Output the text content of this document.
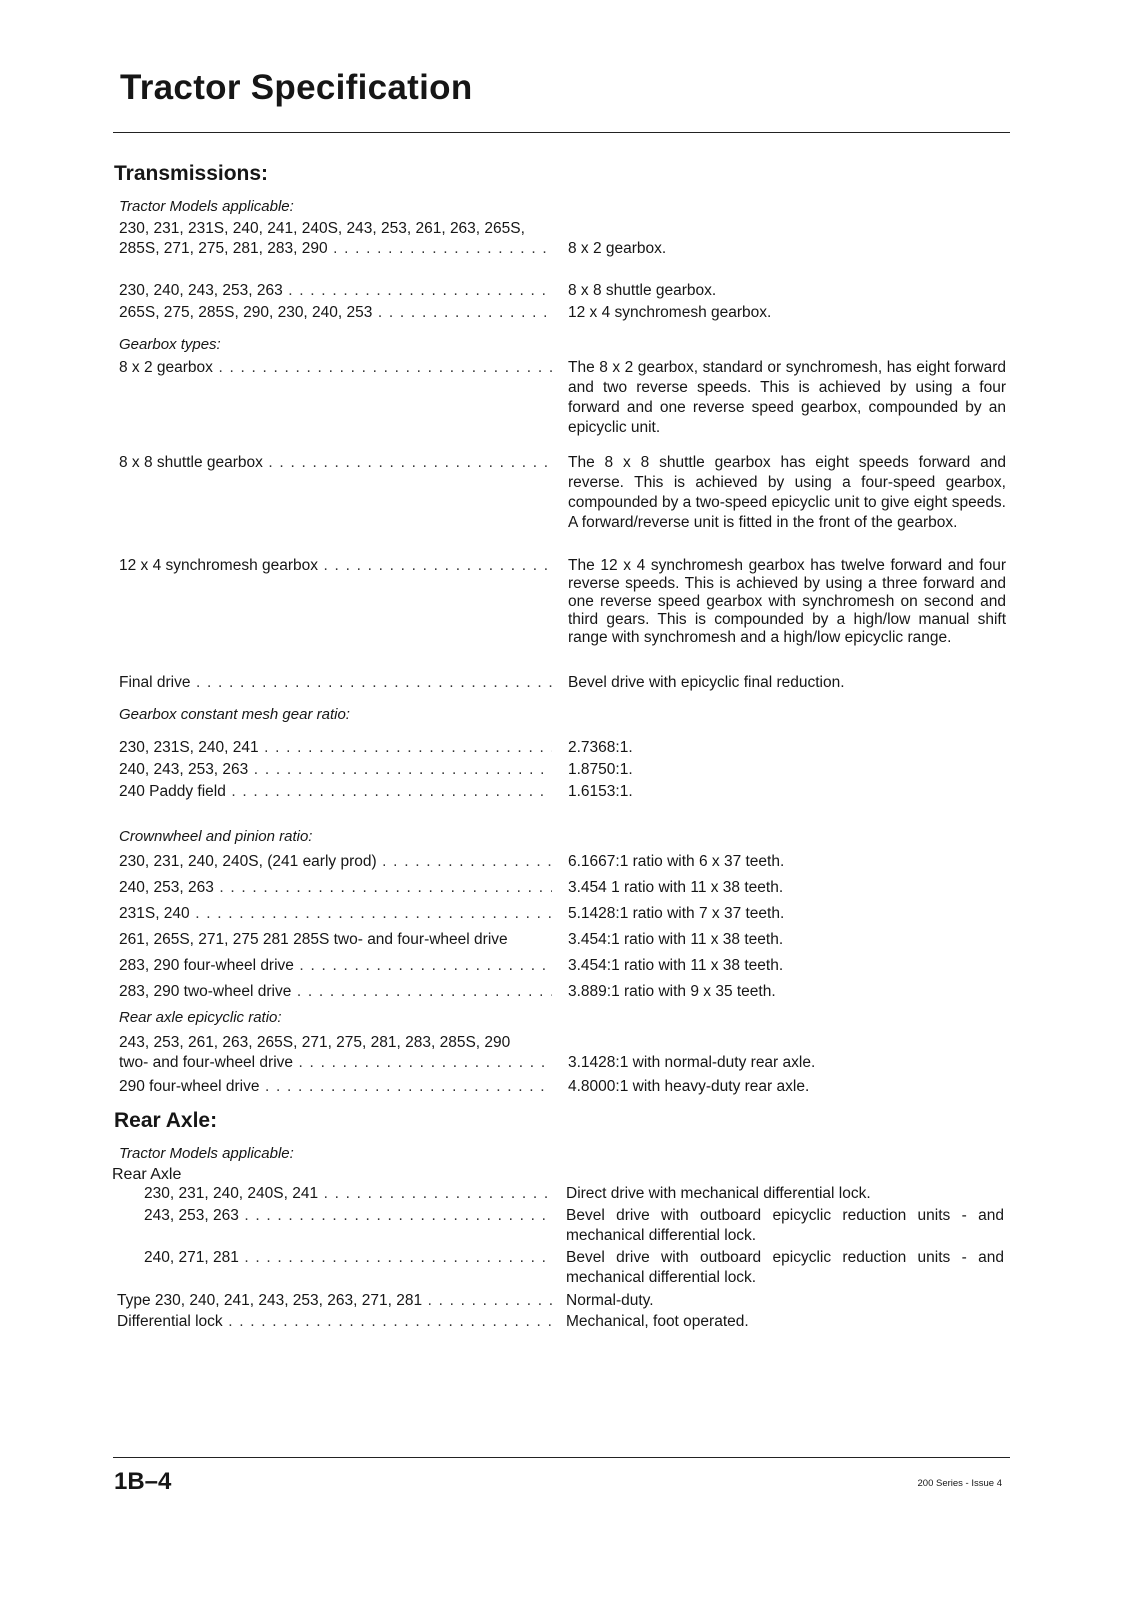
Tractor Specification
Transmissions:
Tractor Models applicable:
230, 231, 231S, 240, 241, 240S, 243, 253, 261, 263, 265S,
285S, 271, 275, 281, 283, 290 . . .	8 x 2 gearbox.
230, 240, 243, 253, 263 . . .	8 x 8 shuttle gearbox.
265S, 275, 285S, 290, 230, 240, 253 . . .	12 x 4 synchromesh gearbox.
Gearbox types:
8 x 2 gearbox . . .	The 8 x 2 gearbox, standard or synchromesh, has eight forward and two reverse speeds. This is achieved by using a four forward and one reverse speed gearbox, compounded by an epicyclic unit.
8 x 8 shuttle gearbox . . .	The 8 x 8 shuttle gearbox has eight speeds forward and reverse. This is achieved by using a four-speed gearbox, compounded by a two-speed epicyclic unit to give eight speeds. A forward/reverse unit is fitted in the front of the gearbox.
12 x 4 synchromesh gearbox . . .	The 12 x 4 synchromesh gearbox has twelve forward and four reverse speeds. This is achieved by using a three forward and one reverse speed gearbox with synchromesh on second and third gears. This is compounded by a high/low manual shift range with synchromesh and a high/low epicyclic range.
Final drive . . .	Bevel drive with epicyclic final reduction.
Gearbox constant mesh gear ratio:
230, 231S, 240, 241 . . .	2.7368:1.
240, 243, 253, 263 . . .	1.8750:1.
240 Paddy field . . .	1.6153:1.
Crownwheel and pinion ratio:
230, 231, 240, 240S, (241 early prod) . . .	6.1667:1 ratio with 6 x 37 teeth.
240, 253, 263 . . .	3.454 1 ratio with 11 x 38 teeth.
231S, 240 . . .	5.1428:1 ratio with 7 x 37 teeth.
261, 265S, 271, 275 281 285S two- and four-wheel drive	3.454:1 ratio with 11 x 38 teeth.
283, 290 four-wheel drive . . .	3.454:1 ratio with 11 x 38 teeth.
283, 290 two-wheel drive . . .	3.889:1 ratio with 9 x 35 teeth.
Rear axle epicyclic ratio:
243, 253, 261, 263, 265S, 271, 275, 281, 283, 285S, 290
two- and four-wheel drive . . .	3.1428:1 with normal-duty rear axle.
290 four-wheel drive . . .	4.8000:1 with heavy-duty rear axle.
Rear Axle:
Tractor Models applicable:
Rear Axle
230, 231, 240, 240S, 241 . . .	Direct drive with mechanical differential lock.
243, 253, 263 . . .	Bevel drive with outboard epicyclic reduction units - and mechanical differential lock.
240, 271, 281 . . .	Bevel drive with outboard epicyclic reduction units - and mechanical differential lock.
Type 230, 240, 241, 243, 253, 263, 271, 281 . . .	Normal-duty.
Differential lock . . .	Mechanical, foot operated.
1B–4	200 Series - Issue 4
